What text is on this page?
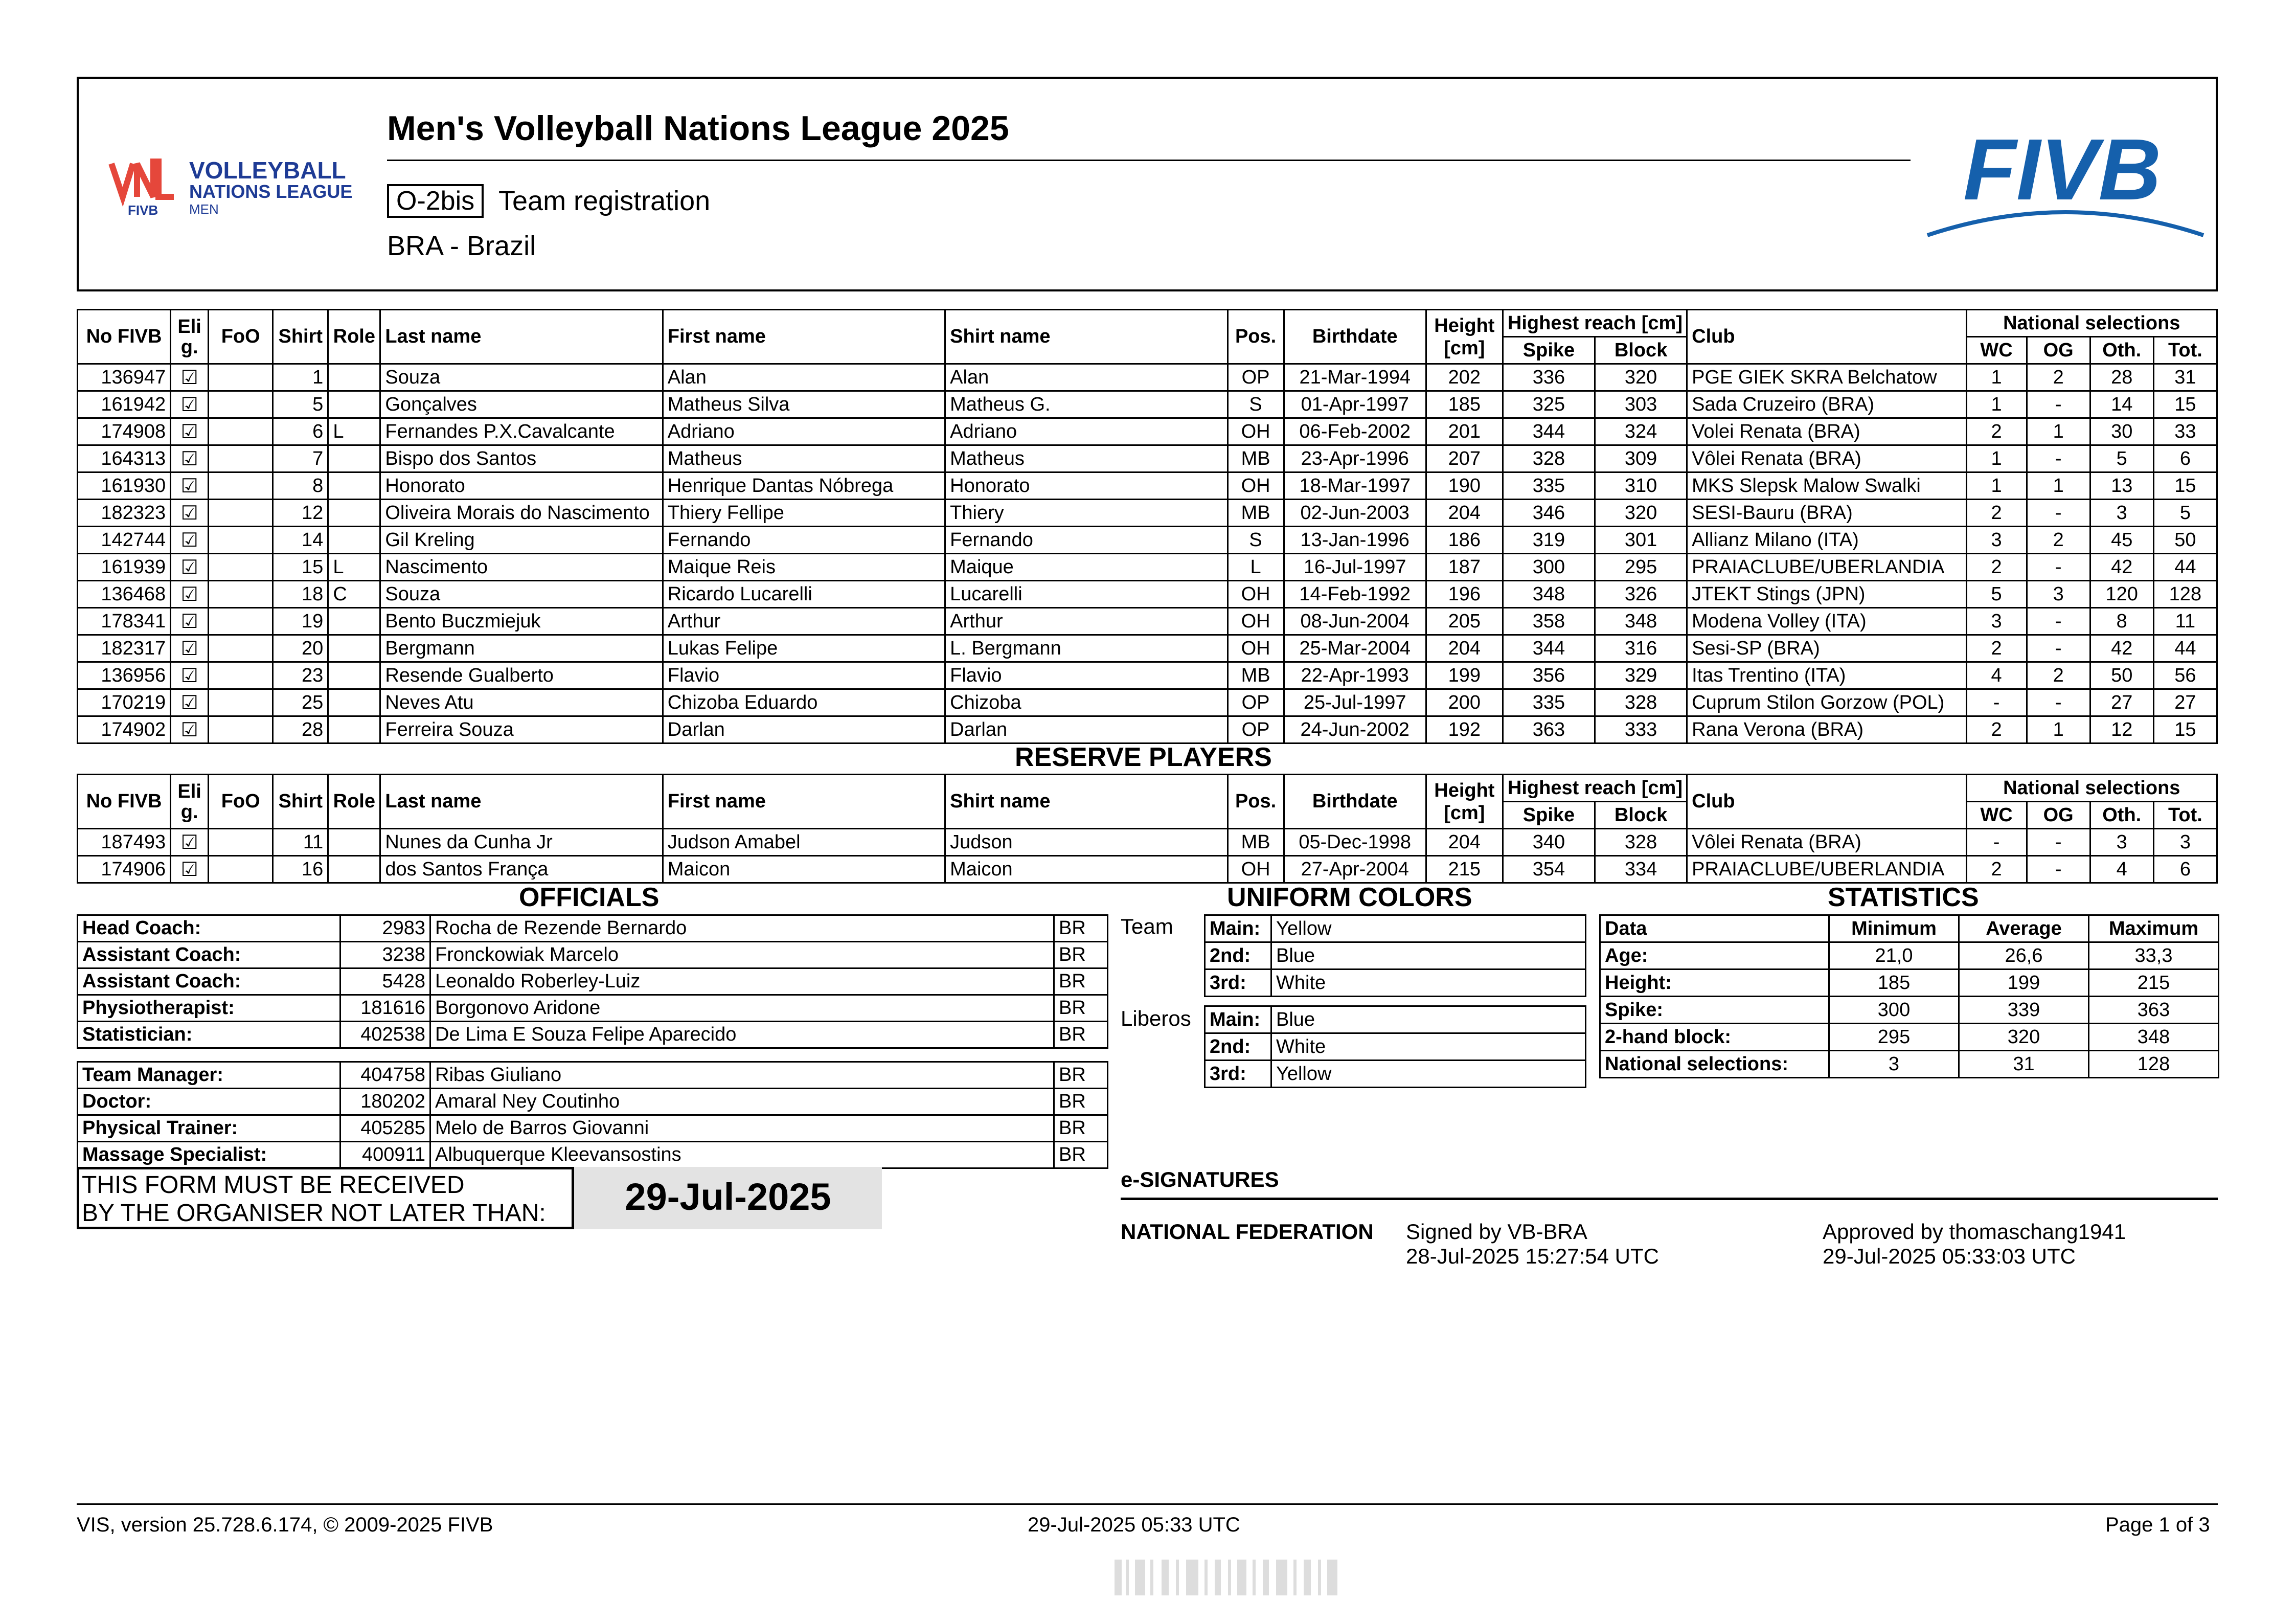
FIVB
VOLLEYBALL
NATIONS LEAGUE
MEN
Men's Volleyball Nations League 2025
O-2bis Team registration
BRA - Brazil
FIVB
No FIVB	Eli g.	FoO	Shirt	Role	Last name	First name	Shirt name	Pos.	Birthdate	Height [cm]	Highest reach [cm]		Club	National selections			
											Spike	Block		WC	OG	Oth.	Tot.
136947	☑		1		Souza	Alan	Alan	OP	21-Mar-1994	202	336	320	PGE GIEK SKRA Belchatow	1	2	28	31
161942	☑		5		Gonçalves	Matheus Silva	Matheus G.	S	01-Apr-1997	185	325	303	Sada Cruzeiro (BRA)	1	-	14	15
174908	☑		6	L	Fernandes P.X.Cavalcante	Adriano	Adriano	OH	06-Feb-2002	201	344	324	Volei Renata (BRA)	2	1	30	33
164313	☑		7		Bispo dos Santos	Matheus	Matheus	MB	23-Apr-1996	207	328	309	Vôlei Renata (BRA)	1	-	5	6
161930	☑		8		Honorato	Henrique Dantas Nóbrega	Honorato	OH	18-Mar-1997	190	335	310	MKS Slepsk Malow Swalki	1	1	13	15
182323	☑		12		Oliveira Morais do Nascimento	Thiery Fellipe	Thiery	MB	02-Jun-2003	204	346	320	SESI-Bauru (BRA)	2	-	3	5
142744	☑		14		Gil Kreling	Fernando	Fernando	S	13-Jan-1996	186	319	301	Allianz Milano (ITA)	3	2	45	50
161939	☑		15	L	Nascimento	Maique Reis	Maique	L	16-Jul-1997	187	300	295	PRAIACLUBE/UBERLANDIA	2	-	42	44
136468	☑		18	C	Souza	Ricardo Lucarelli	Lucarelli	OH	14-Feb-1992	196	348	326	JTEKT Stings (JPN)	5	3	120	128
178341	☑		19		Bento Buczmiejuk	Arthur	Arthur	OH	08-Jun-2004	205	358	348	Modena Volley (ITA)	3	-	8	11
182317	☑		20		Bergmann	Lukas Felipe	L. Bergmann	OH	25-Mar-2004	204	344	316	Sesi-SP (BRA)	2	-	42	44
136956	☑		23		Resende Gualberto	Flavio	Flavio	MB	22-Apr-1993	199	356	329	Itas Trentino (ITA)	4	2	50	56
170219	☑		25		Neves Atu	Chizoba Eduardo	Chizoba	OP	25-Jul-1997	200	335	328	Cuprum Stilon Gorzow (POL)	-	-	27	27
174902	☑		28		Ferreira Souza	Darlan	Darlan	OP	24-Jun-2002	192	363	333	Rana Verona (BRA)	2	1	12	15
RESERVE PLAYERS
No FIVB	Eli g.	FoO	Shirt	Role	Last name	First name	Shirt name	Pos.	Birthdate	Height [cm]	Highest reach [cm]		Club	National selections			
											Spike	Block		WC	OG	Oth.	Tot.
187493	☑		11		Nunes da Cunha Jr	Judson Amabel	Judson	MB	05-Dec-1998	204	340	328	Vôlei Renata (BRA)	-	-	3	3
174906	☑		16		dos Santos França	Maicon	Maicon	OH	27-Apr-2004	215	354	334	PRAIACLUBE/UBERLANDIA	2	-	4	6
OFFICIALS	UNIFORM COLORS	STATISTICS
Head Coach:	2983	Rocha de Rezende Bernardo	BR
Assistant Coach:	3238	Fronckowiak Marcelo	BR
Assistant Coach:	5428	Leonaldo Roberley-Luiz	BR
Physiotherapist:	181616	Borgonovo Aridone	BR
Statistician:	402538	De Lima E Souza Felipe Aparecido	BR
Team Manager:	404758	Ribas Giuliano	BR
Doctor:	180202	Amaral Ney Coutinho	BR
Physical Trainer:	405285	Melo de Barros Giovanni	BR
Massage Specialist:	400911	Albuquerque Kleevansostins	BR
THIS FORM MUST BE RECEIVED
BY THE ORGANISER NOT LATER THAN:	29-Jul-2025
Team
Liberos
Main:	Yellow
2nd:	Blue
3rd:	White
Main:	Blue
2nd:	White
3rd:	Yellow
Data	Minimum	Average	Maximum
Age:	21,0	26,6	33,3
Height:	185	199	215
Spike:	300	339	363
2-hand block:	295	320	348
National selections:	3	31	128
e-SIGNATURES
NATIONAL FEDERATION Signed by VB-BRA
28-Jul-2025 15:27:54 UTC
Approved by thomaschang1941
29-Jul-2025 05:33:03 UTC
VIS, version 25.728.6.174, © 2009-2025 FIVB	29-Jul-2025 05:33 UTC	Page 1 of 3
